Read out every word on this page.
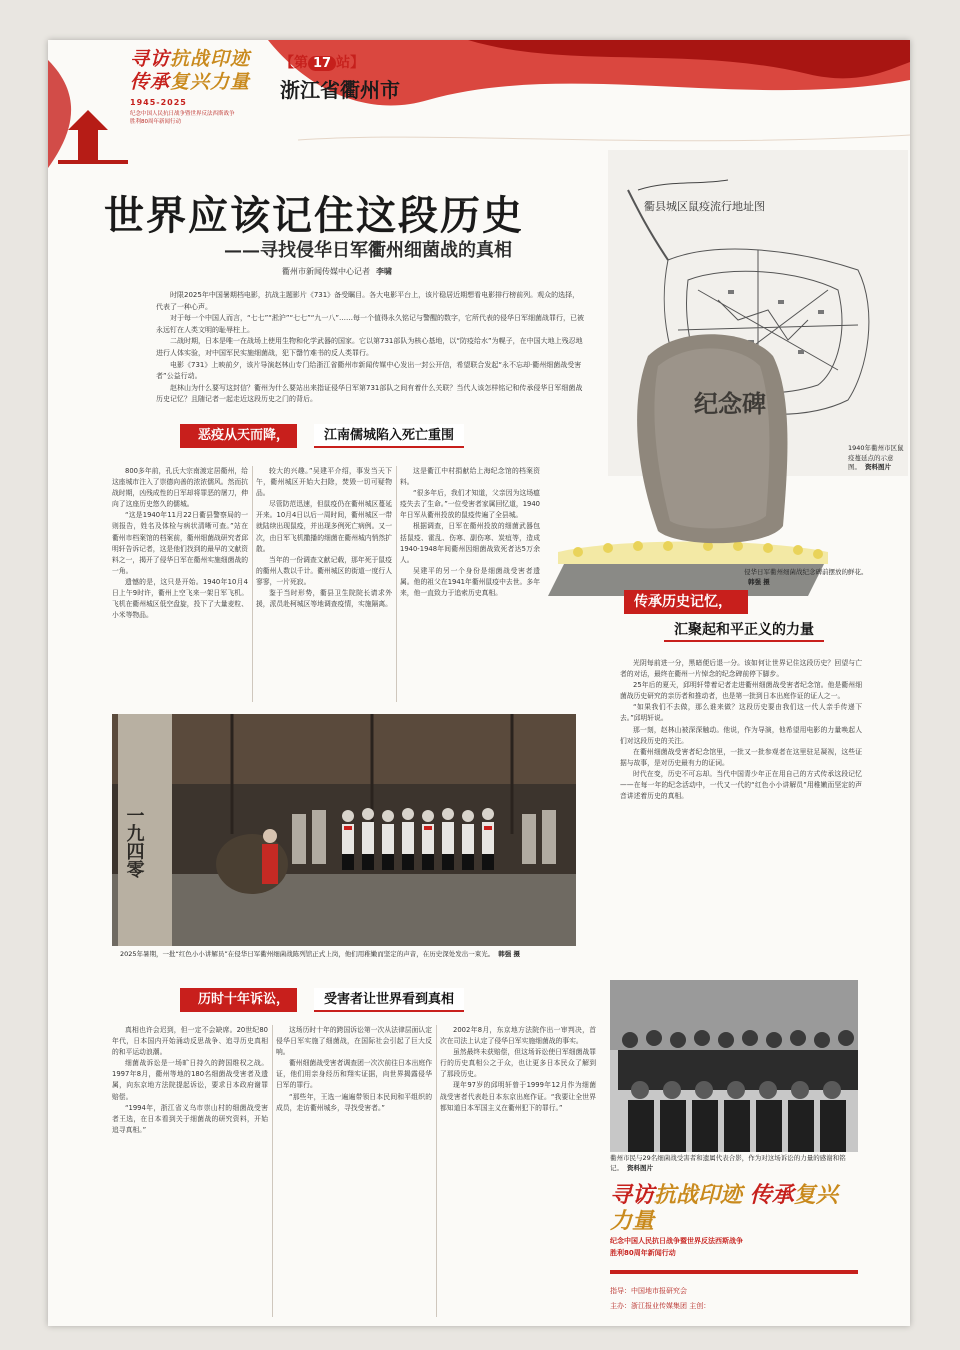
寻访抗战印迹
传承复兴力量
1945-2025
纪念中国人民抗日战争暨世界反法西斯战争
胜利80周年新闻行动
【第 17 站】
浙江省衢州市
衢县城区鼠疫流行地址图
1940年衢州市区鼠疫蔓延点的示意图。 资料图片
世界应该记住这段历史
——寻找侵华日军衢州细菌战的真相
衢州市新闻传媒中心记者 李啸

时限2025年中国暑期档电影，抗战主题影片《731》备受瞩目。各大电影平台上，该片稳居近期想看电影排行榜前列。观众的选择，代表了一种心声。

对于每一个中国人而言，“七七”“淞沪”“七七”“九一八”……每一个值得永久铭记与警醒的数字，它所代表的侵华日军细菌战罪行，已被永远钉在人类文明的耻辱柱上。

二战时期，日本是唯一在战场上使用生物和化学武器的国家。它以第731部队为核心基地，以“防疫给水”为幌子，在中国大地上残忍地进行人体实验，对中国军民实施细菌战，犯下罄竹难书的反人类罪行。

电影《731》上映前夕，该片导演赵林山专门给浙江省衢州市新闻传媒中心发出一封公开信，希望联合发起“永不忘却·衢州细菌战受害者”公益行动。

赵林山为什么要写这封信？衢州为什么要站出来指证侵华日军第731部队之间有着什么关联？当代人该怎样铭记和传承侵华日军细菌战历史记忆？且随记者一起走近这段历史之门的背后。	纪念碑
侵华日军衢州细菌战纪念碑前摆放的鲜花。韩强 摄
恶疫从天而降，	江南儒城陷入死亡重围

800多年前，孔氏大宗南渡定居衢州，给这座城市注入了崇德向善的浓浓儒风。然而抗战时期，凶残成性的日军却将罪恶的屠刀，伸向了这座历史悠久的儒城。

“这是1940年11月22日衢县警察局的一则报告，姓名及体检与病状清晰可查。”站在衢州市档案馆的档案前，衢州细菌战研究者邱明轩告诉记者，这是他们找到的最早的文献资料之一，揭开了侵华日军在衢州实施细菌战的一角。

遗憾的是，这只是开始。1940年10月4日上午9时许，衢州上空飞来一架日军飞机。飞机在衢州城区低空盘旋，投下了大量麦粒、小米等物品。

较大的兴趣。”吴建平介绍，事发当天下午，衢州城区开始大扫除，焚毁一切可疑物品。

尽管防范迅速，但鼠疫仍在衢州城区蔓延开来。10月4日以后一周时间，衢州城区一带就陆续出现鼠疫，并出现多例死亡病例。又一次，由日军飞机撒播的细菌在衢州城内悄然扩散。

当年的一份调查文献记载，那年死于鼠疫的衢州人数以千计。衢州城区的街道一度行人寥寥，一片死寂。

鉴于当时形势，衢县卫生院院长请求外援，派员赴柯城区等地调查疫情，实施隔离。

这是衢江中村捐献给上海纪念馆的档案资料。

“很多年后，我们才知道，父亲因为这场瘟疫失去了生命。”一位受害者家属回忆道，1940年日军从衢州投放的鼠疫传遍了全县城。

根据调查，日军在衢州投放的细菌武器包括鼠疫、霍乱、伤寒、副伤寒、炭疽等，造成1940-1948年间衢州因细菌战致死者达5万余人。

吴建平的另一个身份是细菌战受害者遗属。他的祖父在1941年衢州鼠疫中去世。多年来，他一直致力于追索历史真相。

传承历史记忆，
汇聚起和平正义的力量

光阴每前进一分，黑暗便后退一分。该如何让世界记住这段历史？回望与亡者的对话，最终在衢州一片悼念的纪念碑前停下脚步。

25年后的夏天，邱明轩带着记者走进衢州细菌战受害者纪念馆。他是衢州细菌战历史研究的亲历者和推动者，也是第一批到日本出庭作证的证人之一。

“如果我们不去做，那么谁来做？这段历史要由我们这一代人亲手传递下去。”邱明轩说。

那一刻，赵林山被深深触动。他说，作为导演，他希望用电影的力量唤起人们对这段历史的关注。

在衢州细菌战受害者纪念馆里，一批又一批参观者在这里驻足凝视，这些证据与故事，是对历史最有力的证词。

时代在变，历史不可忘却。当代中国青少年正在用自己的方式传承这段记忆——在每一年的纪念活动中，一代又一代的“红色小小讲解员”用稚嫩而坚定的声音讲述着历史的真相。

一九四零
2025年暑期，一批“红色小小讲解员”在侵华日军衢州细菌战陈列馆正式上岗，他们用稚嫩而坚定的声音，在历史深处发出一束光。 韩强 摄
历时十年诉讼，	受害者让世界看到真相

真相也许会迟到，但一定不会缺席。20世纪80年代，日本国内开始涌动反思战争、追寻历史真相的和平运动浪潮。

细菌战诉讼是一场旷日持久的跨国维权之战。1997年8月，衢州等地的180名细菌战受害者及遗属，向东京地方法院提起诉讼，要求日本政府谢罪赔偿。

“1994年，浙江省义乌市崇山村的细菌战受害者王选，在日本看到关于细菌战的研究资料，开始追寻真相。”

这场历时十年的跨国诉讼第一次从法律层面认定侵华日军实施了细菌战，在国际社会引起了巨大反响。

衢州细菌战受害者调查团一次次前往日本出庭作证，他们用亲身经历和翔实证据，向世界揭露侵华日军的罪行。

“那些年，王选一遍遍带领日本民间和平组织的成员，走访衢州城乡，寻找受害者。”

2002年8月，东京地方法院作出一审判决，首次在司法上认定了侵华日军实施细菌战的事实。

虽然最终未获赔偿，但这场诉讼使日军细菌战罪行的历史真相公之于众，也让更多日本民众了解到了那段历史。

现年97岁的邱明轩曾于1999年12月作为细菌战受害者代表赴日本东京出庭作证。“我要让全世界都知道日本军国主义在衢州犯下的罪行。”

衢州市民与29名细菌战受害者和遗属代表合影，作为对这场诉讼的力量的感谢和铭记。 资料图片
寻访抗战印迹 传承复兴力量
纪念中国人民抗日战争暨世界反法西斯战争
胜利80周年新闻行动
指导：中国地市报研究会
主办：浙江报业传媒集团 主创：
